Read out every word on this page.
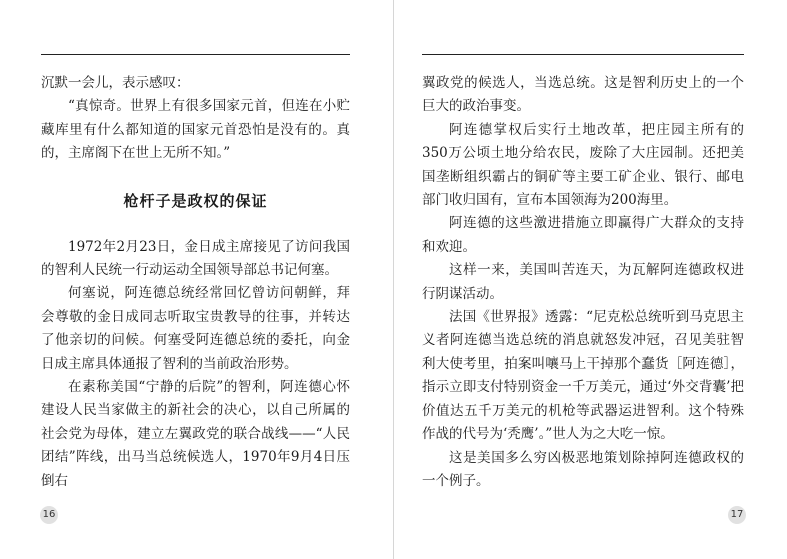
沉默一会儿，表示感叹：

“真惊奇。世界上有很多国家元首，但连在小贮藏库里有什么都知道的国家元首恐怕是没有的。真的，主席阁下在世上无所不知。”

枪杆子是政权的保证

1972年2月23日，金日成主席接见了访问我国的智利人民统一行动运动全国领导部总书记何塞。

何塞说，阿连德总统经常回忆曾访问朝鲜，拜会尊敬的金日成同志听取宝贵教导的往事，并转达了他亲切的问候。何塞受阿连德总统的委托，向金日成主席具体通报了智利的当前政治形势。

在素称美国“宁静的后院”的智利，阿连德心怀建设人民当家做主的新社会的决心，以自己所属的社会党为母体，建立左翼政党的联合战线——“人民团结”阵线，出马当总统候选人，1970年9月4日压倒右

16

翼政党的候选人，当选总统。这是智利历史上的一个巨大的政治事变。

阿连德掌权后实行土地改革，把庄园主所有的350万公顷土地分给农民，废除了大庄园制。还把美国垄断组织霸占的铜矿等主要工矿企业、银行、邮电部门收归国有，宣布本国领海为200海里。

阿连德的这些激进措施立即赢得广大群众的支持和欢迎。

这样一来，美国叫苦连天，为瓦解阿连德政权进行阴谋活动。

法国《世界报》透露：“尼克松总统听到马克思主义者阿连德当选总统的消息就怒发冲冠，召见美驻智利大使考里，拍案叫嚷马上干掉那个蠢货［阿连德］，指示立即支付特别资金一千万美元，通过‘外交背囊’把价值达五千万美元的机枪等武器运进智利。这个特殊作战的代号为‘秃鹰’。”世人为之大吃一惊。

这是美国多么穷凶极恶地策划除掉阿连德政权的一个例子。

17
